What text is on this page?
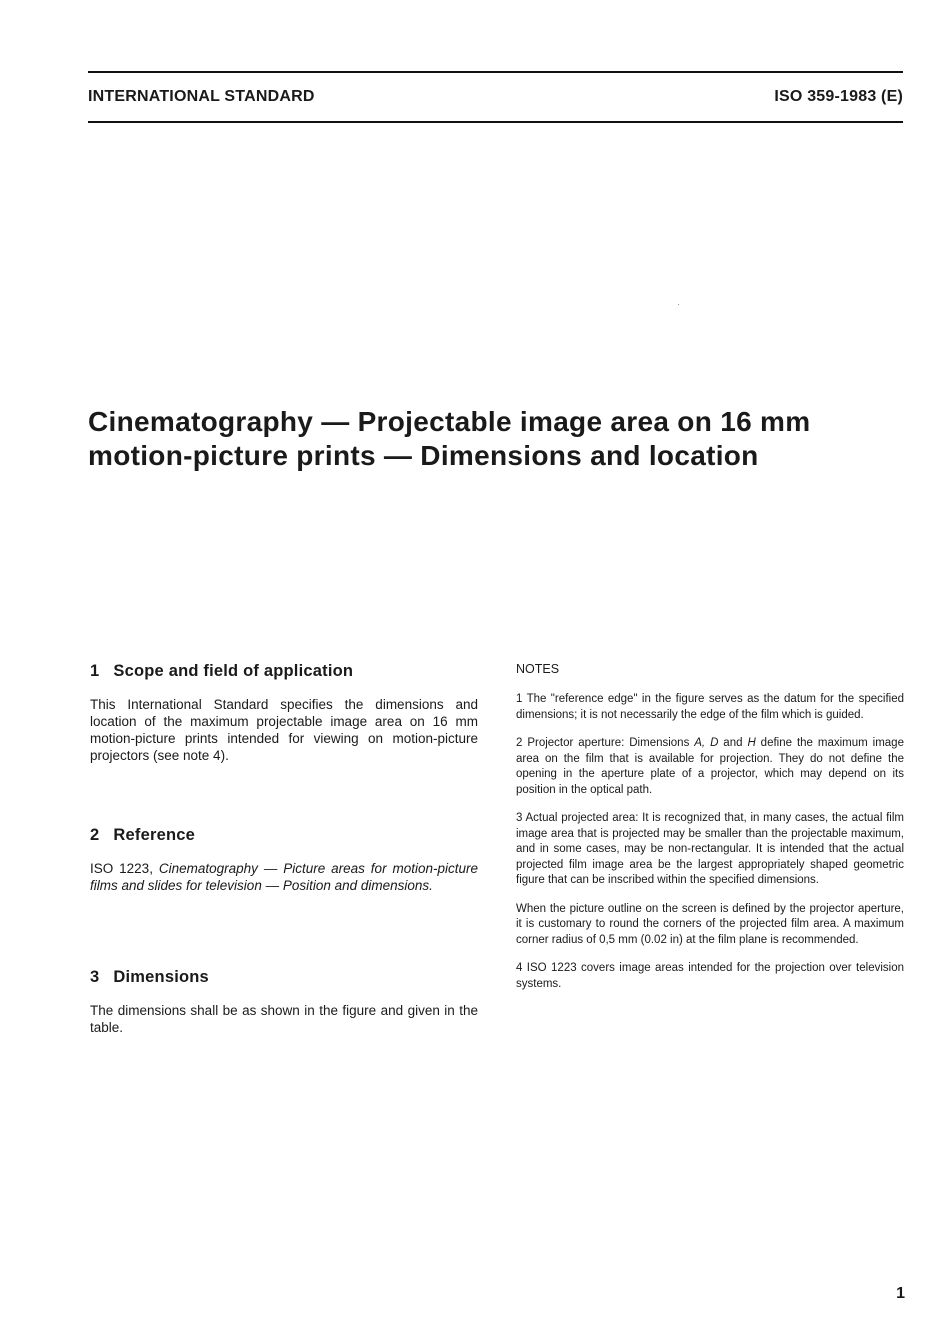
INTERNATIONAL STANDARD	ISO 359-1983 (E)
Cinematography — Projectable image area on 16 mm
motion-picture prints — Dimensions and location
1 Scope and field of application

This International Standard specifies the dimensions and location of the maximum projectable image area on 16 mm motion-picture prints intended for viewing on motion-picture projectors (see note 4).

2 Reference

ISO 1223, Cinematography — Picture areas for motion-picture films and slides for television — Position and dimensions.

3 Dimensions

The dimensions shall be as shown in the figure and given in the table.

NOTES

1 The "reference edge" in the figure serves as the datum for the specified dimensions; it is not necessarily the edge of the film which is guided.

2 Projector aperture: Dimensions A, D and H define the maximum image area on the film that is available for projection. They do not define the opening in the aperture plate of a projector, which may depend on its position in the optical path.

3 Actual projected area: It is recognized that, in many cases, the actual film image area that is projected may be smaller than the projectable maximum, and in some cases, may be non-rectangular. It is intended that the actual projected film image area be the largest appropriately shaped geometric figure that can be inscribed within the specified dimensions.

When the picture outline on the screen is defined by the projector aperture, it is customary to round the corners of the projected film area. A maximum corner radius of 0,5 mm (0.02 in) at the film plane is recommended.

4 ISO 1223 covers image areas intended for the projection over television systems.

1
